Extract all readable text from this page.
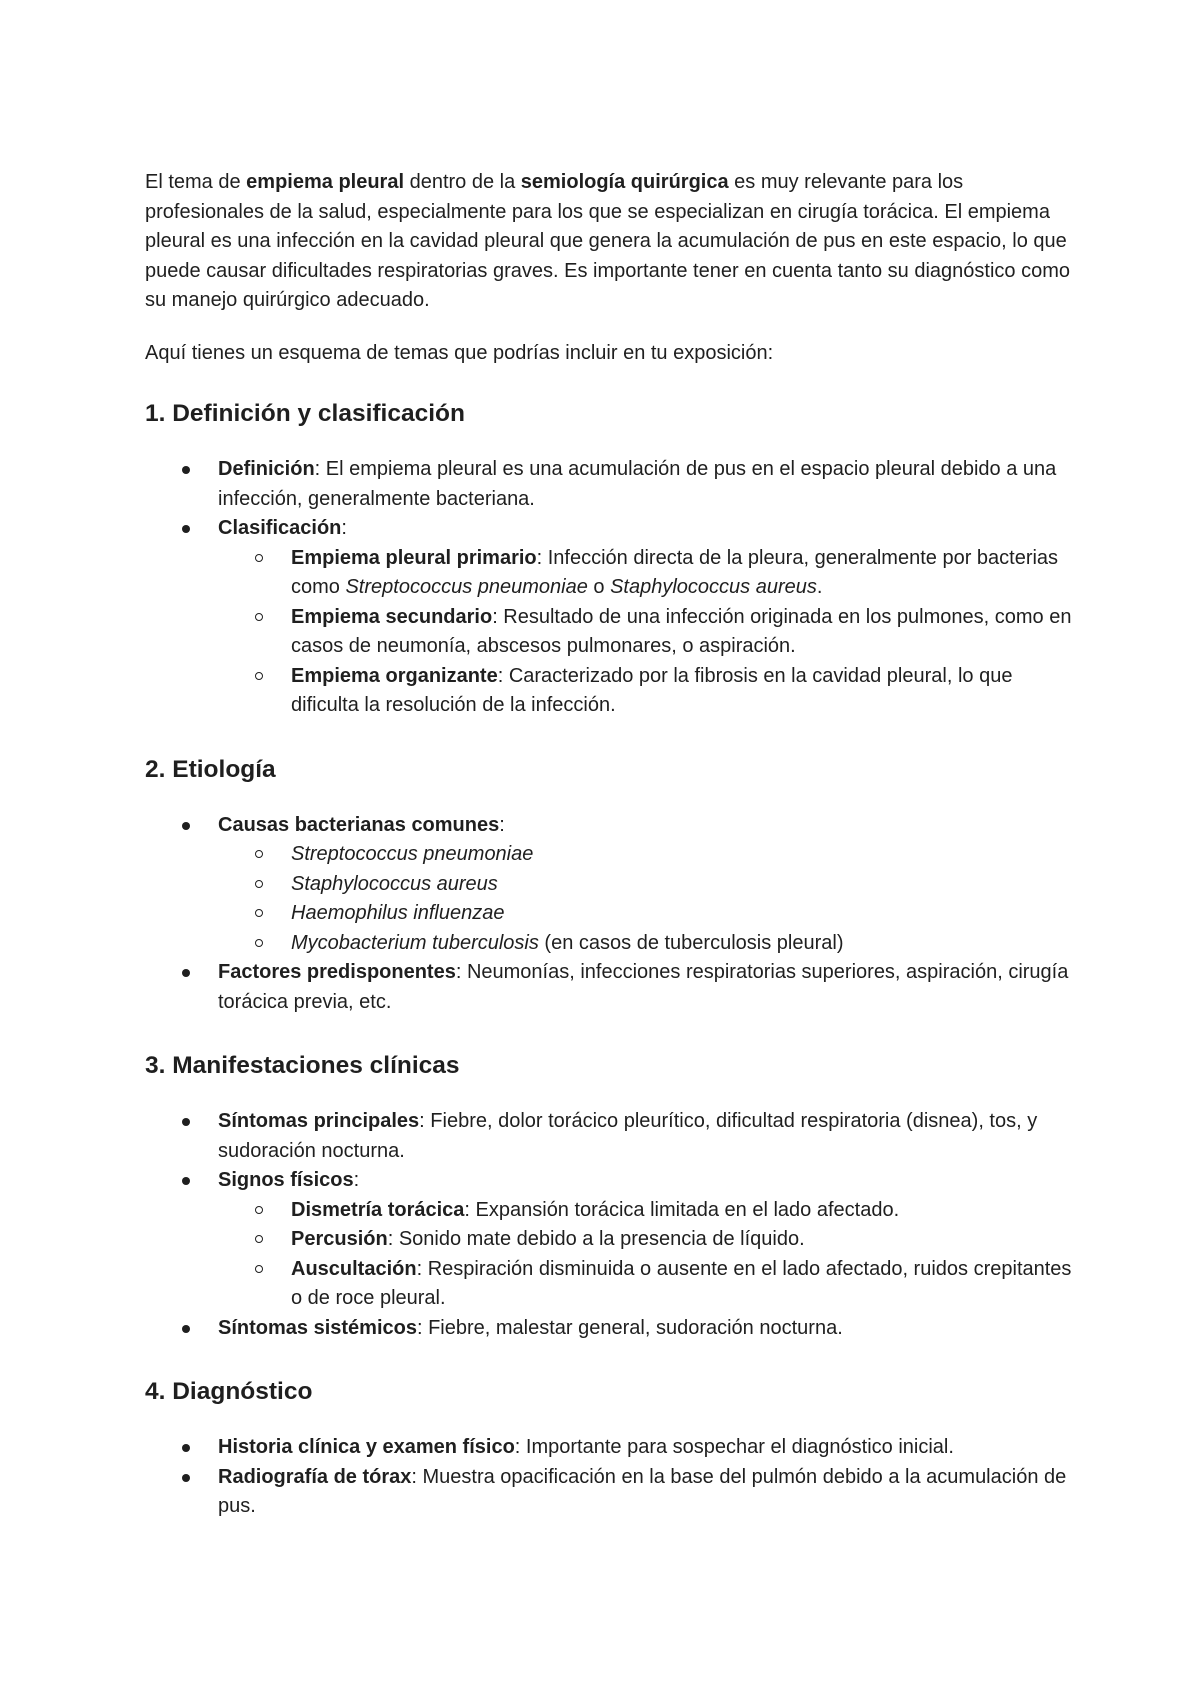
El tema de empiema pleural dentro de la semiología quirúrgica es muy relevante para los profesionales de la salud, especialmente para los que se especializan en cirugía torácica. El empiema pleural es una infección en la cavidad pleural que genera la acumulación de pus en este espacio, lo que puede causar dificultades respiratorias graves. Es importante tener en cuenta tanto su diagnóstico como su manejo quirúrgico adecuado.

Aquí tienes un esquema de temas que podrías incluir en tu exposición:

1. Definición y clasificación
Definición: El empiema pleural es una acumulación de pus en el espacio pleural debido a una infección, generalmente bacteriana.
Clasificación:
Empiema pleural primario: Infección directa de la pleura, generalmente por bacterias como Streptococcus pneumoniae o Staphylococcus aureus.
Empiema secundario: Resultado de una infección originada en los pulmones, como en casos de neumonía, abscesos pulmonares, o aspiración.
Empiema organizante: Caracterizado por la fibrosis en la cavidad pleural, lo que dificulta la resolución de la infección.
2. Etiología
Causas bacterianas comunes:
Streptococcus pneumoniae
Staphylococcus aureus
Haemophilus influenzae
Mycobacterium tuberculosis (en casos de tuberculosis pleural)
Factores predisponentes: Neumonías, infecciones respiratorias superiores, aspiración, cirugía torácica previa, etc.
3. Manifestaciones clínicas
Síntomas principales: Fiebre, dolor torácico pleurítico, dificultad respiratoria (disnea), tos, y sudoración nocturna.
Signos físicos:
Dismetría torácica: Expansión torácica limitada en el lado afectado.
Percusión: Sonido mate debido a la presencia de líquido.
Auscultación: Respiración disminuida o ausente en el lado afectado, ruidos crepitantes o de roce pleural.
Síntomas sistémicos: Fiebre, malestar general, sudoración nocturna.
4. Diagnóstico
Historia clínica y examen físico: Importante para sospechar el diagnóstico inicial.
Radiografía de tórax: Muestra opacificación en la base del pulmón debido a la acumulación de pus.
